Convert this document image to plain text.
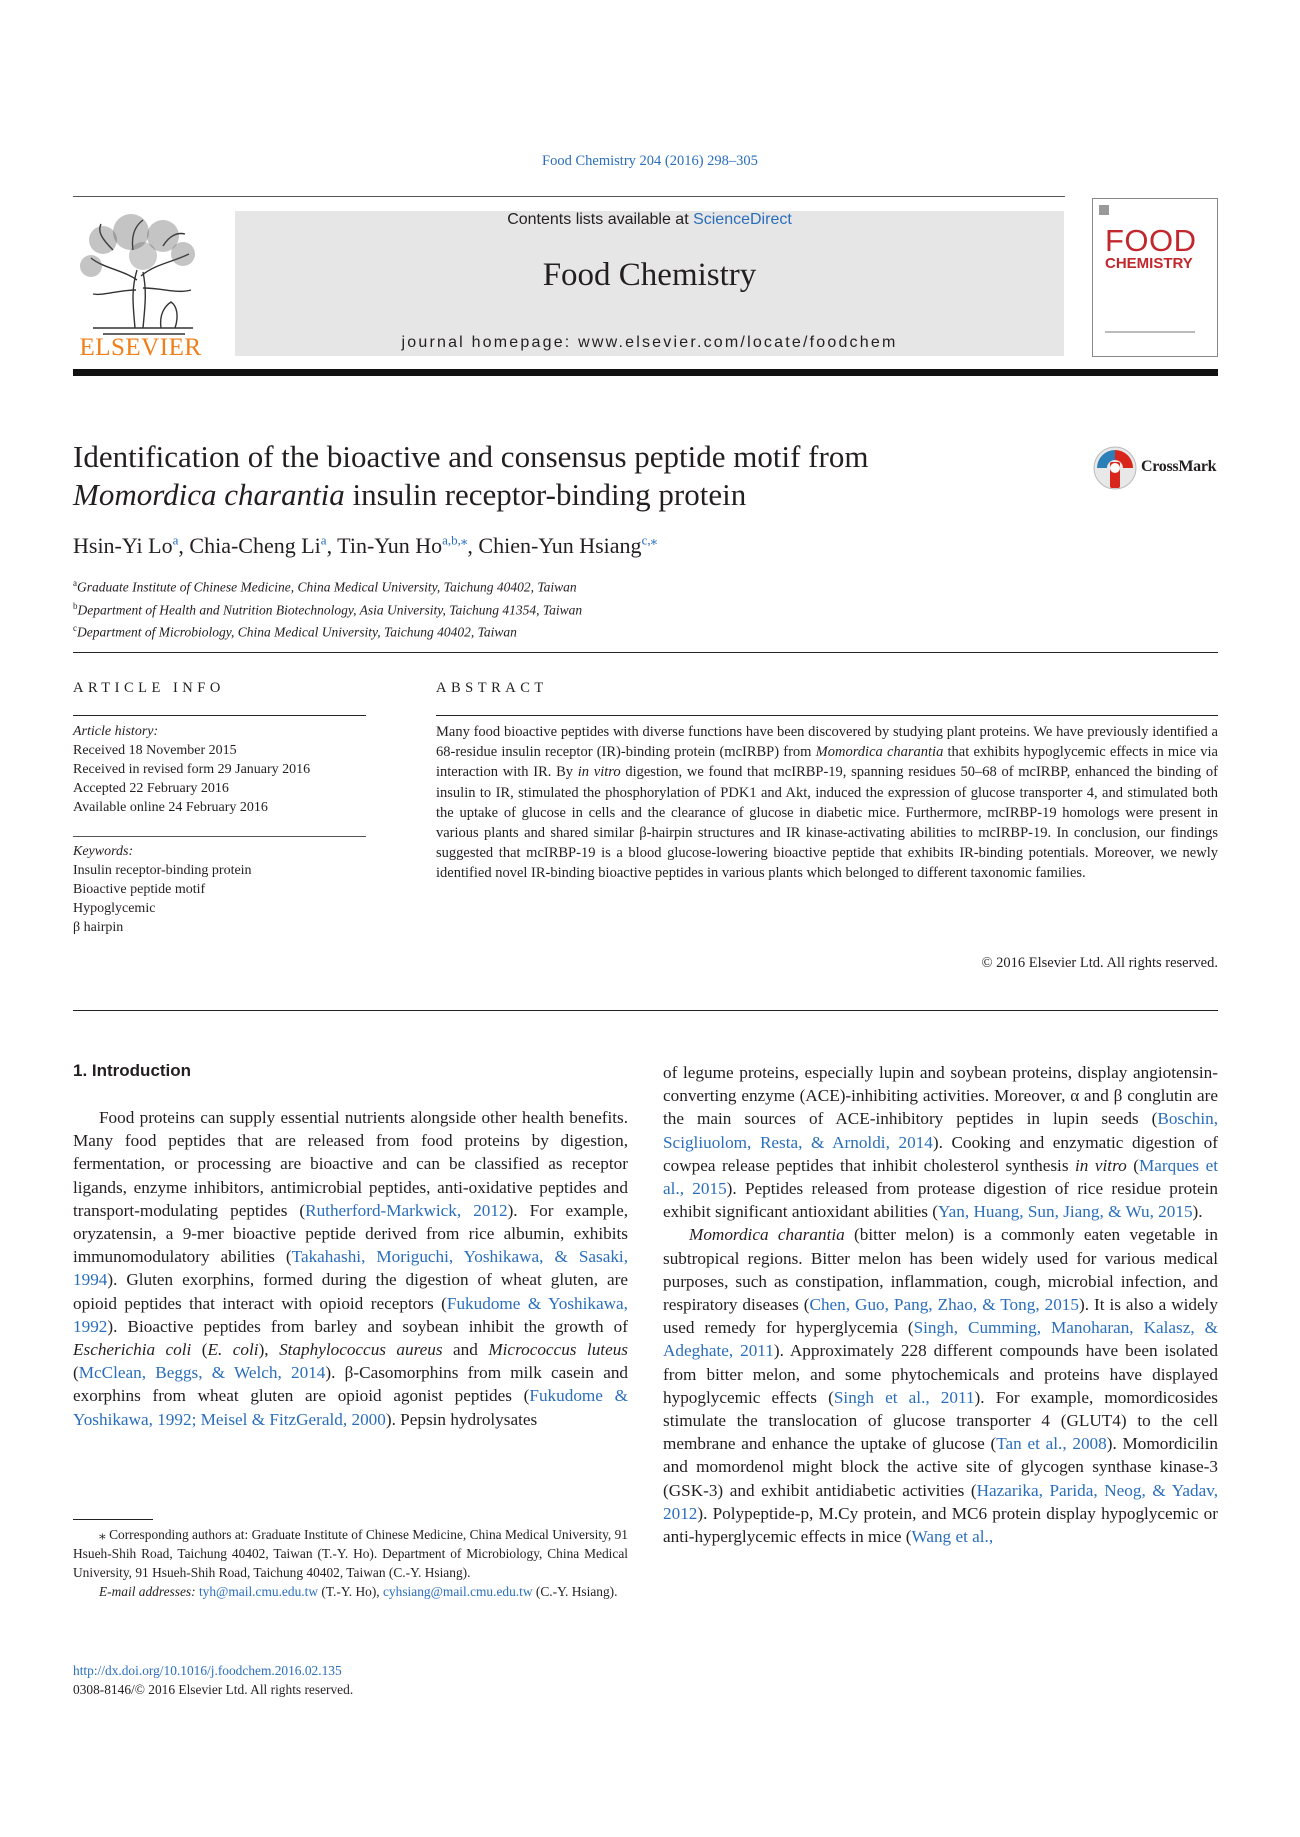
Food Chemistry 204 (2016) 298–305
ELSEVIER
Contents lists available at ScienceDirect
Food Chemistry
journal homepage: www.elsevier.com/locate/foodchem
FOOD
CHEMISTRY
Identification of the bioactive and consensus peptide motif from
Momordica charantia insulin receptor-binding protein
CrossMark
Hsin-Yi Lo$^a$, Chia-Cheng Li$^a$, Tin-Yun $Ho^{a,b,⁎}$, Chien-Yun Hsiang$^{c,⁎}$
$^a$Graduate Institute of Chinese Medicine, China Medical University, Taichung 40402, Taiwan
$^b$Department of Health and Nutrition Biotechnology, Asia University, Taichung 41354, Taiwan
$^c$Department of Microbiology, China Medical University, Taichung 40402, Taiwan
ARTICLE INFO	ABSTRACT
Article history:
Received 18 November 2015
Received in revised form 29 January 2016
Accepted 22 February 2016
Available online 24 February 2016
Keywords:
Insulin receptor-binding protein
Bioactive peptide motif
Hypoglycemic
β hairpin
Many food bioactive peptides with diverse functions have been discovered by studying plant proteins. We have previously identified a 68-residue insulin receptor (IR)-binding protein (mcIRBP) from Momordica charantia that exhibits hypoglycemic effects in mice via interaction with IR. By in vitro digestion, we found that mcIRBP-19, spanning residues 50–68 of mcIRBP, enhanced the binding of insulin to IR, stimulated the phosphorylation of PDK1 and Akt, induced the expression of glucose transporter 4, and stimulated both the uptake of glucose in cells and the clearance of glucose in diabetic mice. Furthermore, mcIRBP-19 homologs were present in various plants and shared similar β-hairpin structures and IR kinase-activating abilities to mcIRBP-19. In conclusion, our findings suggested that mcIRBP-19 is a blood glucose-lowering bioactive peptide that exhibits IR-binding potentials. Moreover, we newly identified novel IR-binding bioactive peptides in various plants which belonged to different taxonomic families.
© 2016 Elsevier Ltd. All rights reserved.
1. Introduction

Food proteins can supply essential nutrients alongside other health benefits. Many food peptides that are released from food proteins by digestion, fermentation, or processing are bioactive and can be classified as receptor ligands, enzyme inhibitors, antimicrobial peptides, anti-oxidative peptides and transport-modulating peptides (Rutherford-Markwick, 2012). For example, oryzatensin, a 9-mer bioactive peptide derived from rice albumin, exhibits immunomodulatory abilities (Takahashi, Moriguchi, Yoshikawa, & Sasaki, 1994). Gluten exorphins, formed during the digestion of wheat gluten, are opioid peptides that interact with opioid receptors (Fukudome & Yoshikawa, 1992). Bioactive peptides from barley and soybean inhibit the growth of Escherichia coli (E. coli), Staphylococcus aureus and Micrococcus luteus (McClean, Beggs, & Welch, 2014). β-Casomorphins from milk casein and exorphins from wheat gluten are opioid agonist peptides (Fukudome & Yoshikawa, 1992; Meisel & FitzGerald, 2000). Pepsin hydrolysates

of legume proteins, especially lupin and soybean proteins, display angiotensin-converting enzyme (ACE)-inhibiting activities. Moreover, α and β conglutin are the main sources of ACE-inhibitory peptides in lupin seeds (Boschin, Scigliuolom, Resta, & Arnoldi, 2014). Cooking and enzymatic digestion of cowpea release peptides that inhibit cholesterol synthesis in vitro (Marques et al., 2015). Peptides released from protease digestion of rice residue protein exhibit significant antioxidant abilities (Yan, Huang, Sun, Jiang, & Wu, 2015).

Momordica charantia (bitter melon) is a commonly eaten vegetable in subtropical regions. Bitter melon has been widely used for various medical purposes, such as constipation, inflammation, cough, microbial infection, and respiratory diseases (Chen, Guo, Pang, Zhao, & Tong, 2015). It is also a widely used remedy for hyperglycemia (Singh, Cumming, Manoharan, Kalasz, & Adeghate, 2011). Approximately 228 different compounds have been isolated from bitter melon, and some phytochemicals and proteins have displayed hypoglycemic effects (Singh et al., 2011). For example, momordicosides stimulate the translocation of glucose transporter 4 (GLUT4) to the cell membrane and enhance the uptake of glucose (Tan et al., 2008). Momordicilin and momordenol might block the active site of glycogen synthase kinase-3 (GSK-3) and exhibit antidiabetic activities (Hazarika, Parida, Neog, & Yadav, 2012). Polypeptide-p, M.Cy protein, and MC6 protein display hypoglycemic or anti-hyperglycemic effects in mice (Wang et al.,

⁎ Corresponding authors at: Graduate Institute of Chinese Medicine, China Medical University, 91 Hsueh-Shih Road, Taichung 40402, Taiwan (T.-Y. Ho). Department of Microbiology, China Medical University, 91 Hsueh-Shih Road, Taichung 40402, Taiwan (C.-Y. Hsiang).
E-mail addresses: tyh@mail.cmu.edu.tw (T.-Y. Ho), cyhsiang@mail.cmu.edu.tw (C.-Y. Hsiang).
http://dx.doi.org/10.1016/j.foodchem.2016.02.135
0308-8146/© 2016 Elsevier Ltd. All rights reserved.
